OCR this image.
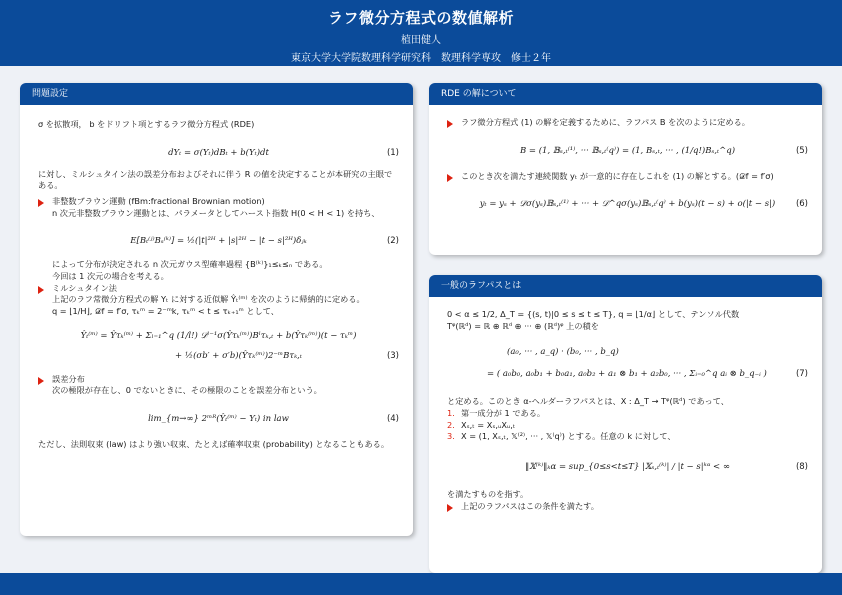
ラフ微分方程式の数値解析
植田健人
東京大学大学院数理科学研究科　数理科学専攻　修士２年
問題設定

σ を拡散項， b をドリフト項とするラフ微分方程式 (RDE)

dYₜ = σ(Yₜ)dBₜ + b(Yₜ)dt	(1)

に対し、ミルシュタイン法の誤差分布およびそれに伴う R の値を決定することが本研究の主眼である。

非整数ブラウン運動 (fBm:fractional Brownian motion)
n 次元非整数ブラウン運動とは、パラメータとしてハースト指数 H(0 < H < 1) を持ち、
E[Bₜ⁽ʲ⁾Bₛ⁽ᵏ⁾] = ½(|t|²ᴴ + |s|²ᴴ − |t − s|²ᴴ)δⱼₖ	(2)
によって分布が決定される n 次元ガウス型確率過程 {B⁽ᵏ⁾}₁≤ₖ≤ₙ である。
今回は 1 次元の場合を考える。
ミルシュタイン法
上記のラフ常微分方程式の解 Yₜ に対する近似解 Ŷₜ⁽ᵐ⁾ を次のように帰納的に定める。
q = ⌊1/H⌋, 𝒟f = f′σ, τₖᵐ = 2⁻ᵐk, τₖᵐ < t ≤ τₖ₊₁ᵐ として、
Ŷₜ⁽ᵐ⁾ = Ŷτₖ⁽ᵐ⁾ + Σₗ₌₁^q (1/l!) 𝒟ˡ⁻¹σ(Ŷτₖ⁽ᵐ⁾)Bˡτₖ,ₜ + b(Ŷτₖ⁽ᵐ⁾)(t − τₖᵐ)
+ ½(σb′ + σ′b)(Ŷτₖ⁽ᵐ⁾)2⁻ᵐBτₖ,ₜ	(3)
誤差分布
次の極限が存在し、0 でないときに、その極限のことを誤差分布という。
lim_{m→∞} 2ᵐᴿ(Ŷₜ⁽ᵐ⁾ − Yₜ) in law	(4)

ただし、法則収束 (law) はより強い収束、たとえば確率収束 (probability) となることもある。

RDE の解について
ラフ微分方程式 (1) の解を定義するために、ラフパス B を次のように定める。
B = (1, 𝔹ₛ,ₜ⁽¹⁾, ··· 𝔹ₛ,ₜ⁽q⁾) = (1, Bₛ,ₜ, ··· , (1/q!)Bₛ,ₜ^q)	(5)
このとき次を満たす連続関数 yₜ が一意的に存在しこれを (1) の解とする。(𝒟f = f′σ)
yₜ = yₛ + 𝒟σ(yₛ)𝔹ₛ,ₜ⁽¹⁾ + ··· + 𝒟^qσ(yₛ)𝔹ₛ,ₜ⁽q⁾ + b(yₛ)(t − s) + o(|t − s|) (6)
一般のラフパスとは
0 < α ≤ 1/2, Δ_T = {(s, t)|0 ≤ s ≤ t ≤ T}, q = ⌊1/α⌋ として、テンソル代数
Tᵠ(ℝᵈ) = ℝ ⊕ ℝᵈ ⊕ ··· ⊕ (ℝᵈ)ᵠ 上の積を
(a₀, ··· , a_q) · (b₀, ··· , b_q)
= ( a₀b₀, a₀b₁ + b₀a₁, a₀b₂ + a₁ ⊗ b₁ + a₂b₀, ··· , Σᵢ₌₀^q aᵢ ⊗ b_q₋ᵢ )	(7)
と定める。このとき α-ヘルダーラフパスとは、X : Δ_T → Tᵠ(ℝᵈ) であって、
1. 第一成分が 1 である。
2. Xₛ,ₜ = Xₛ,ᵤXᵤ,ₜ
3. X = (1, Xₛ,ₜ, 𝕏⁽²⁾, ··· , 𝕏⁽q⁾) とする。任意の k に対して、
‖𝕏⁽ᵏ⁾‖ₖα = sup_{0≤s<t≤T} |𝕏ₛ,ₜ⁽ᵏ⁾| / |t − s|ᵏᵅ < ∞	(8)
を満たすものを指す。
上記のラフパスはこの条件を満たす。
